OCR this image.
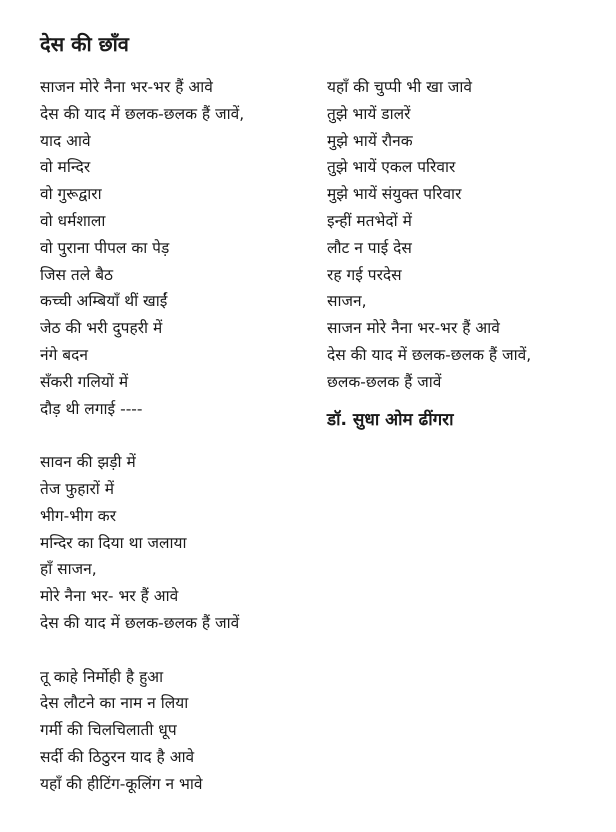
देस की छाँव
साजन मोरे नैना भर-भर हैं आवे
देस की याद में छलक-छलक हैं जावें,
याद आवे
वो मन्दिर
वो गुरूद्वारा
वो धर्मशाला
वो पुराना पीपल का पेड़
जिस तले बैठ
कच्ची अम्बियाँ थीं खाईं
जेठ की भरी दुपहरी में
नंगे बदन
सँकरी गलियों में
दौड़ थी लगाई ----
सावन की झड़ी में
तेज फुहारों में
भीग-भीग कर
मन्दिर का दिया था जलाया
हाँ साजन,
मोरे नैना भर- भर हैं आवे
देस की याद में छलक-छलक हैं जावें
तू काहे निर्मोही है हुआ
देस लौटने का नाम न लिया
गर्मी की चिलचिलाती धूप
सर्दी की ठिठुरन याद है आवे
यहाँ की हीटिंग-कूलिंग न भावे
यहाँ की चुप्पी भी खा जावे
तुझे भायें डालरें
मुझे भायें रौनक
तुझे भायें एकल परिवार
मुझे भायें संयुक्त परिवार
इन्हीं मतभेदों में
लौट न पाई देस
रह गई परदेस
साजन,
साजन मोरे नैना भर-भर हैं आवे
देस की याद में छलक-छलक हैं जावें,
छलक-छलक हैं जावें
डॉ. सुधा ओम ढींगरा
